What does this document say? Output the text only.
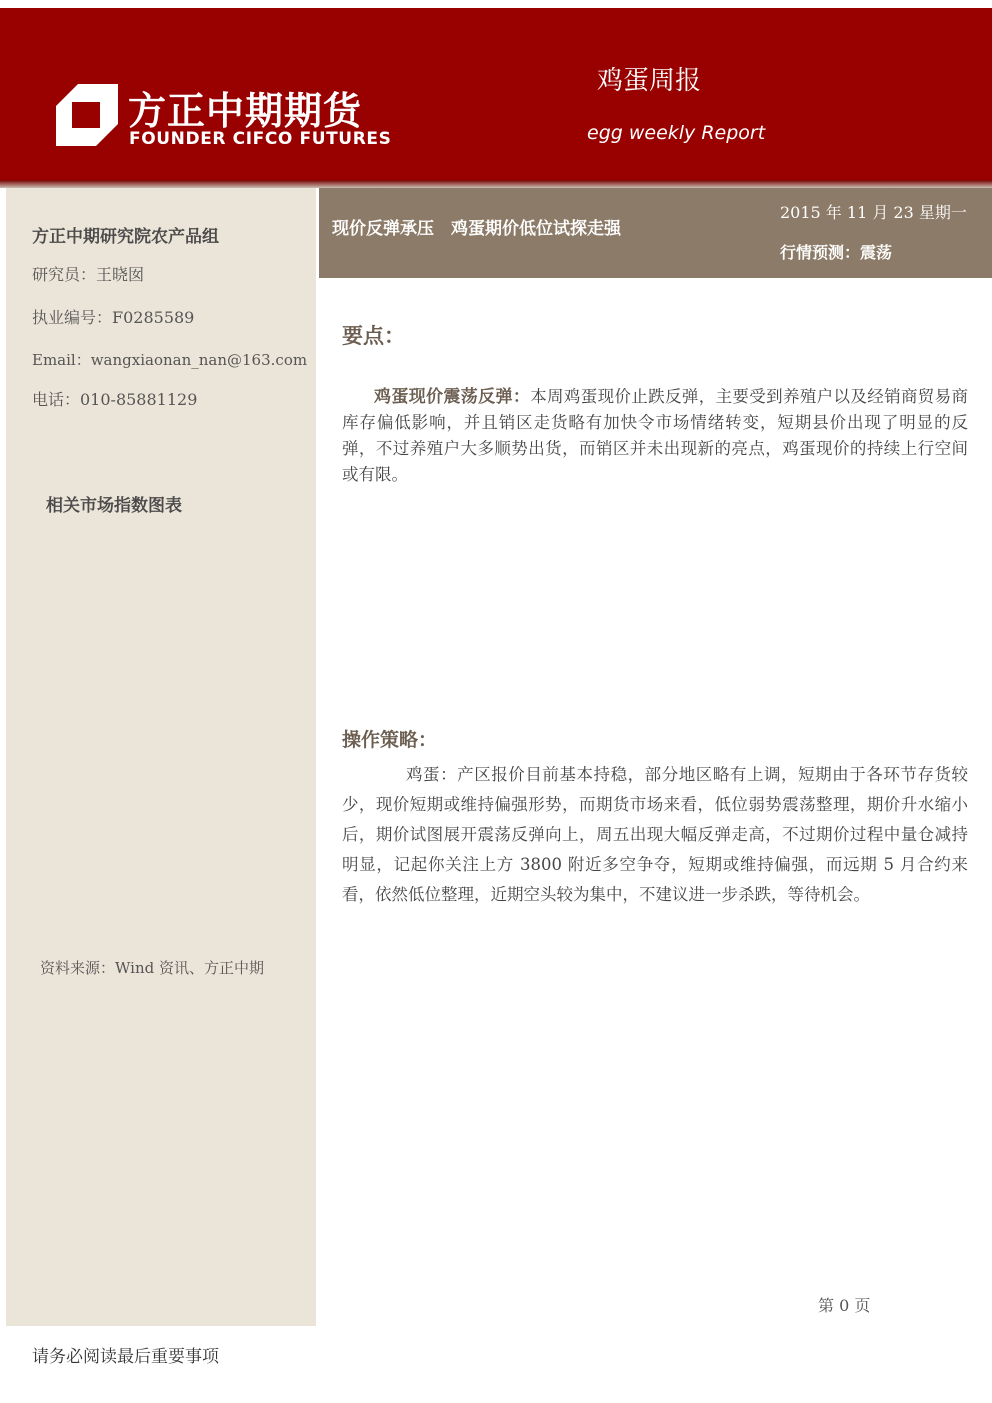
方正中期期货
FOUNDER CIFCO FUTURES
鸡蛋周报
egg weekly Report
方正中期研究院农产品组
研究员：王晓囡
执业编号：F0285589
Email：wangxiaonan_nan@163.com
电话：010-85881129
相关市场指数图表
资料来源：Wind 资讯、方正中期
现价反弹承压　鸡蛋期价低位试探走强
2015 年 11 月 23 星期一
行情预测：震荡
要点：
鸡蛋现价震荡反弹：本周鸡蛋现价止跌反弹，主要受到养殖户以及经销商贸易商库存偏低影响，并且销区走货略有加快令市场情绪转变，短期县价出现了明显的反弹，不过养殖户大多顺势出货，而销区并未出现新的亮点，鸡蛋现价的持续上行空间或有限。
操作策略：
鸡蛋：产区报价目前基本持稳，部分地区略有上调，短期由于各环节存货较少，现价短期或维持偏强形势，而期货市场来看，低位弱势震荡整理，期价升水缩小后，期价试图展开震荡反弹向上，周五出现大幅反弹走高，不过期价过程中量仓减持明显，记起你关注上方 3800 附近多空争夺，短期或维持偏强，而远期 5 月合约来看，依然低位整理，近期空头较为集中，不建议进一步杀跌，等待机会。
第 0 页
请务必阅读最后重要事项
